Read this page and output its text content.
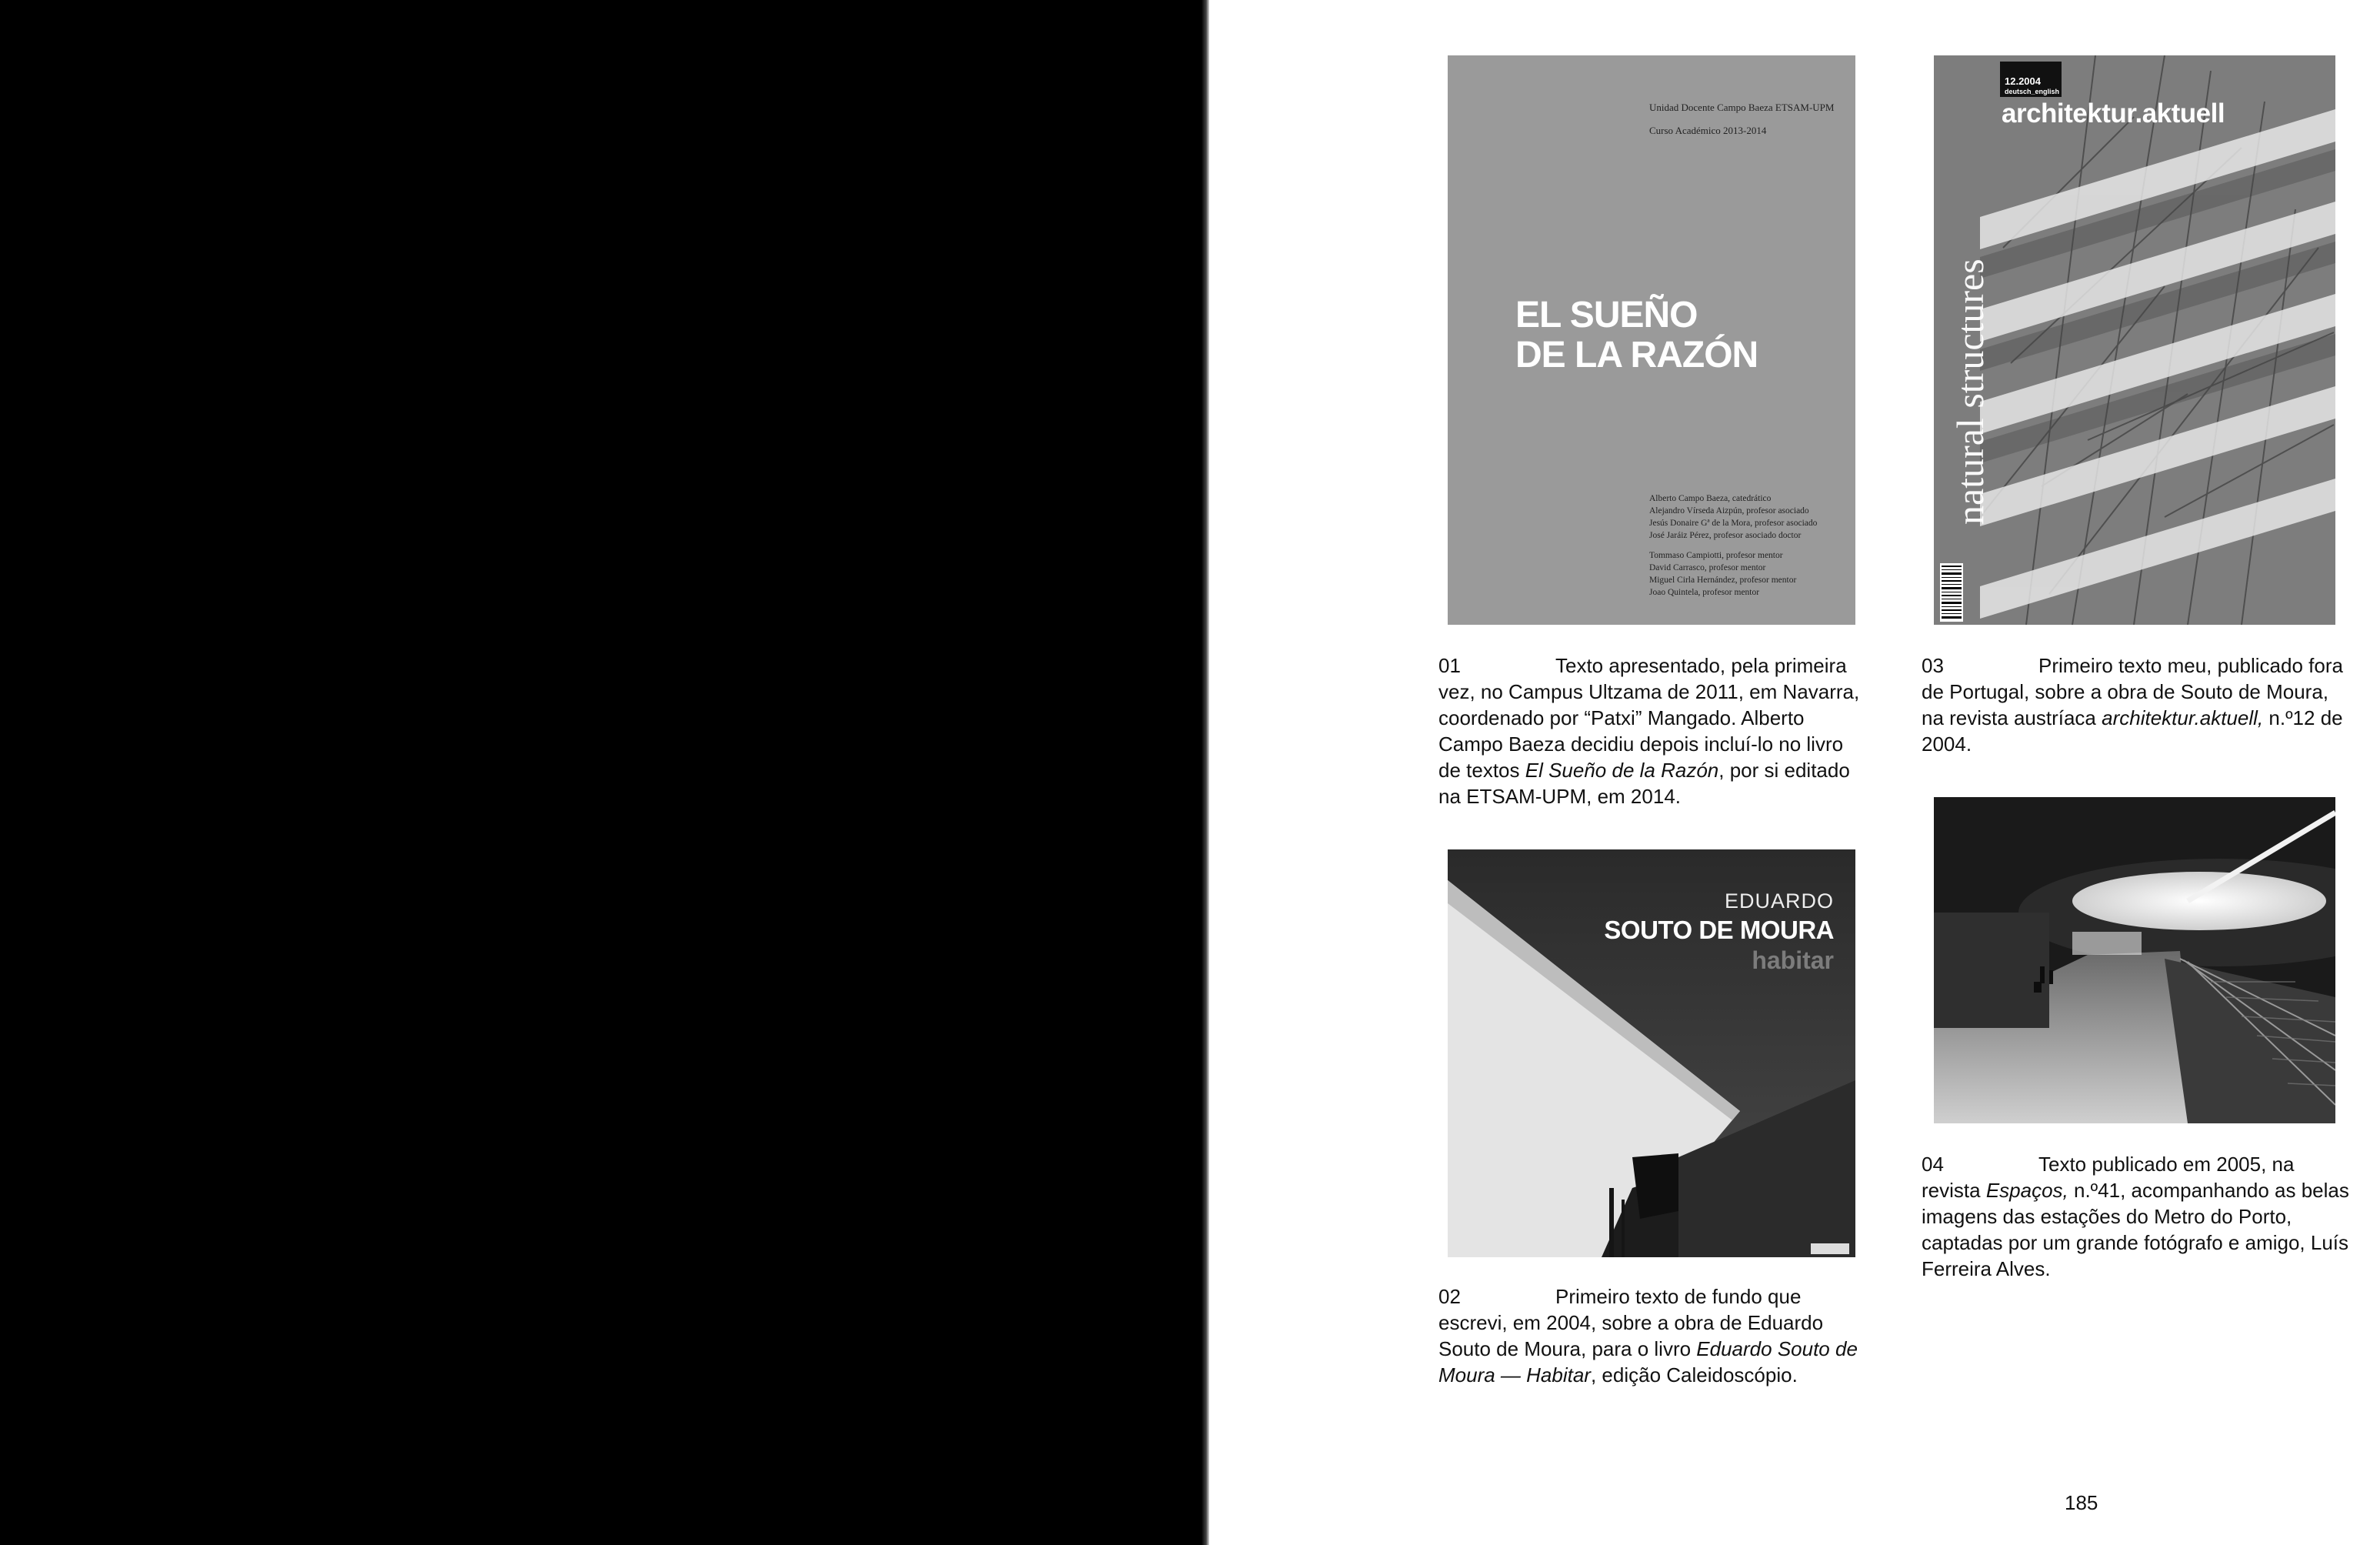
Unidad Docente Campo Baeza ETSAM-UPM
Curso Académico 2013-2014
EL SUEÑO
DE LA RAZÓN
Alberto Campo Baeza, catedrático
Alejandro Vírseda Aizpún, profesor asociado
Jesús Donaire Gª de la Mora, profesor asociado
José Jaráiz Pérez, profesor asociado doctor
Tommaso Campiotti, profesor mentor
David Carrasco, profesor mentor
Miguel Cirla Hernández, profesor mentor
Joao Quintela, profesor mentor
12.2004
deutsch_english
architektur.aktuell
natural structures
EDUARDO
SOUTO DE MOURA
habitar
01	Texto apresentado, pela primeira vez, no Campus Ultzama de 2011, em Navarra, coordenado por “Patxi” Mangado. Alberto Campo Baeza decidiu depois incluí-lo no livro de textos El Sueño de la Razón, por si editado na ETSAM-UPM, em 2014.

03	Primeiro texto meu, publicado fora de Portugal, sobre a obra de Souto de Moura, na revista austríaca architektur.aktuell, n.º12 de 2004.

02	Primeiro texto de fundo que escrevi, em 2004, sobre a obra de Eduardo Souto de Moura, para o livro Eduardo Souto de Moura — Habitar, edição Caleidoscópio.

04	Texto publicado em 2005, na revista Espaços, n.º41, acompanhando as belas imagens das estações do Metro do Porto, captadas por um grande fotógrafo e amigo, Luís Ferreira Alves.

185
